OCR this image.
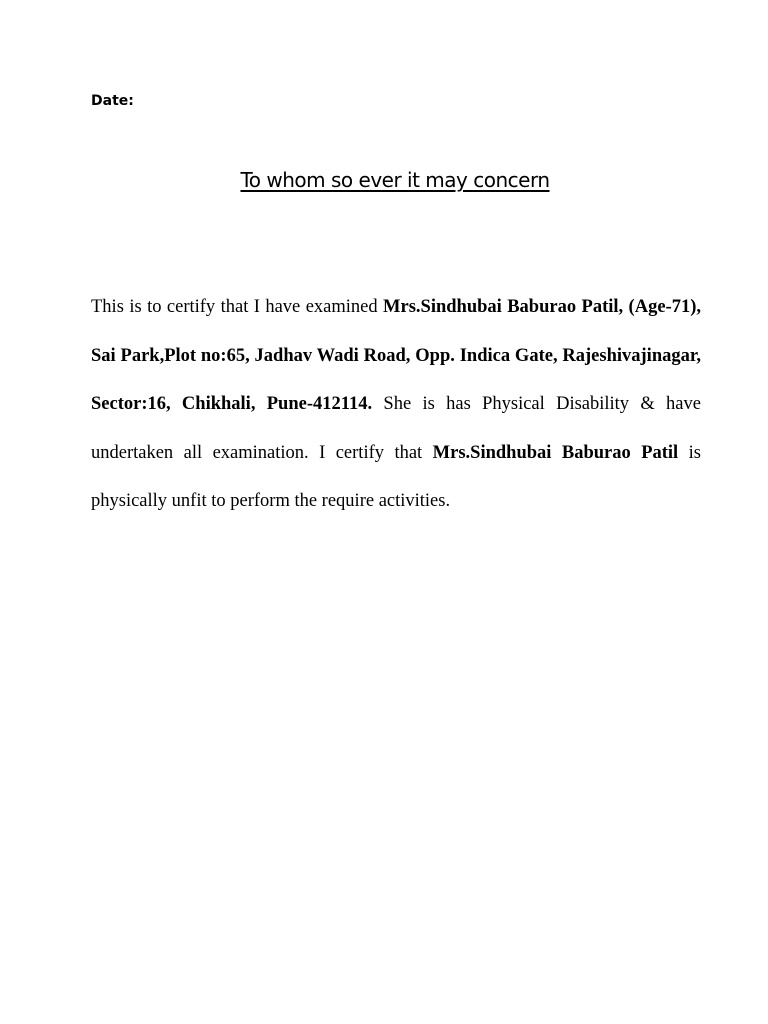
Date:
To whom so ever it may concern
This is to certify that I have examined Mrs.Sindhubai Baburao Patil, (Age-71), Sai Park,Plot no:65, Jadhav Wadi Road, Opp. Indica Gate, Rajeshivajinagar, Sector:16, Chikhali, Pune-412114. She is has Physical Disability & have undertaken all examination. I certify that Mrs.Sindhubai Baburao Patil is physically unfit to perform the require activities.
